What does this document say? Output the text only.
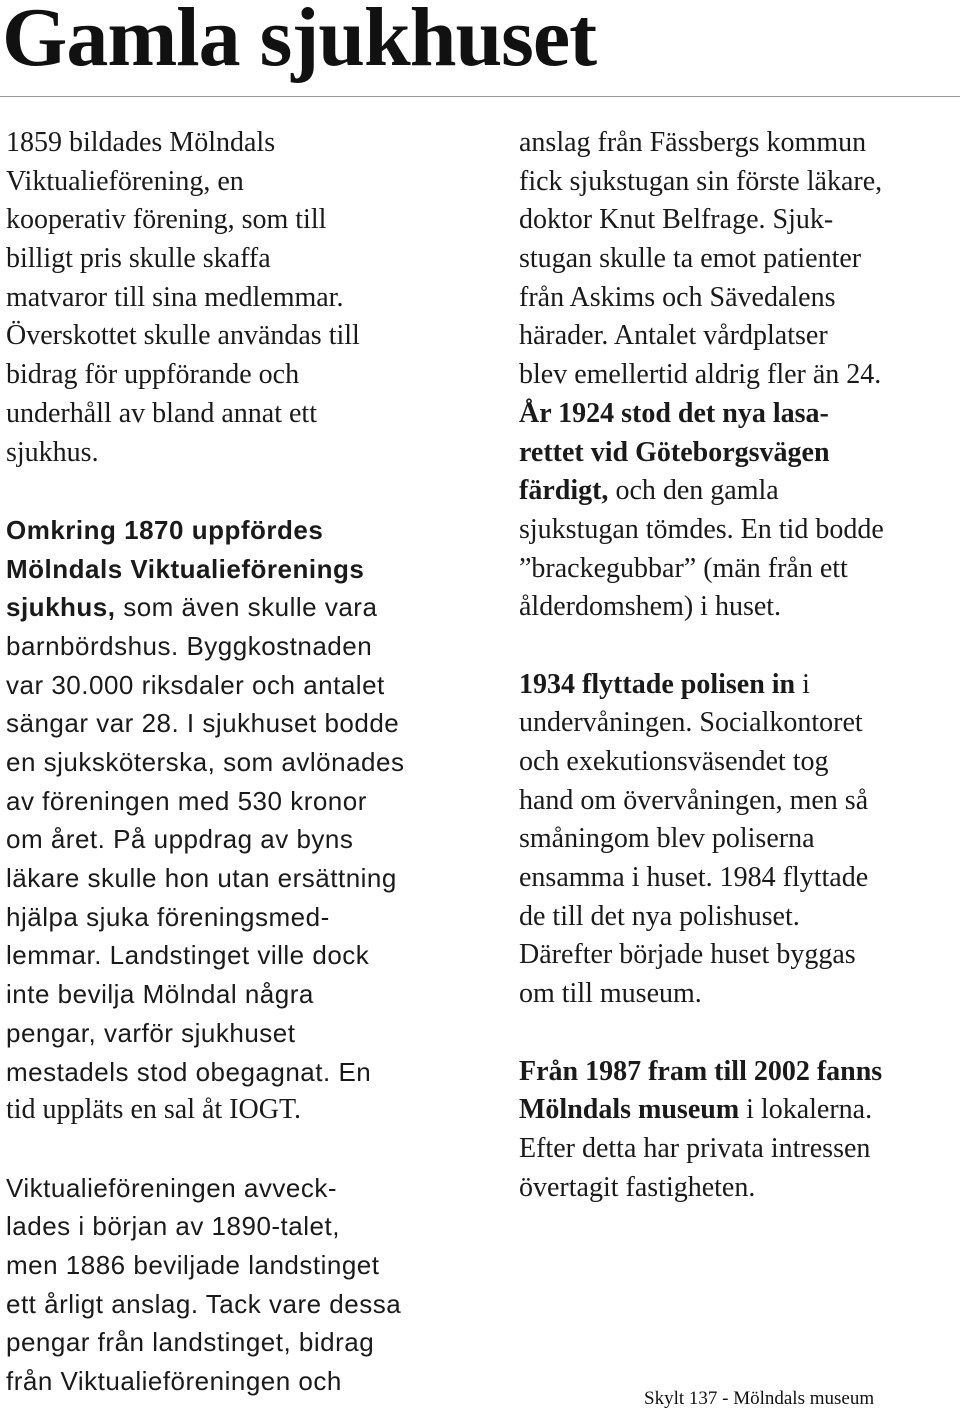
Gamla sjukhuset
1859 bildades Mölndals
Viktualieförening, en
kooperativ förening, som till
billigt pris skulle skaffa
matvaror till sina medlemmar.
Överskottet skulle användas till
bidrag för uppförande och
underhåll av bland annat ett
sjukhus.
Omkring 1870 uppfördes
Mölndals Viktualieförenings
sjukhus, som även skulle vara
barnbördshus. Byggkostnaden
var 30.000 riksdaler och antalet
sängar var 28. I sjukhuset bodde
en sjuksköterska, som avlönades
av föreningen med 530 kronor
om året. På uppdrag av byns
läkare skulle hon utan ersättning
hjälpa sjuka föreningsmed-
lemmar. Landstinget ville dock
inte bevilja Mölndal några
pengar, varför sjukhuset
mestadels stod obegagnat. En
tid uppläts en sal åt IOGT.
Viktualieföreningen avveck-
lades i början av 1890-talet,
men 1886 beviljade landstinget
ett årligt anslag. Tack vare dessa
pengar från landstinget, bidrag
från Viktualieföreningen och
anslag från Fässbergs kommun
fick sjukstugan sin förste läkare,
doktor Knut Belfrage. Sjuk-
stugan skulle ta emot patienter
från Askims och Sävedalens
härader. Antalet vårdplatser
blev emellertid aldrig fler än 24.
År 1924 stod det nya lasa-
rettet vid Göteborgsvägen
färdigt, och den gamla
sjukstugan tömdes. En tid bodde
”brackegubbar” (män från ett
ålderdomshem) i huset.
1934 flyttade polisen in i
undervåningen. Socialkontoret
och exekutionsväsendet tog
hand om övervåningen, men så
småningom blev poliserna
ensamma i huset. 1984 flyttade
de till det nya polishuset.
Därefter började huset byggas
om till museum.
Från 1987 fram till 2002 fanns
Mölndals museum i lokalerna.
Efter detta har privata intressen
övertagit fastigheten.
Skylt 137 - Mölndals museum
